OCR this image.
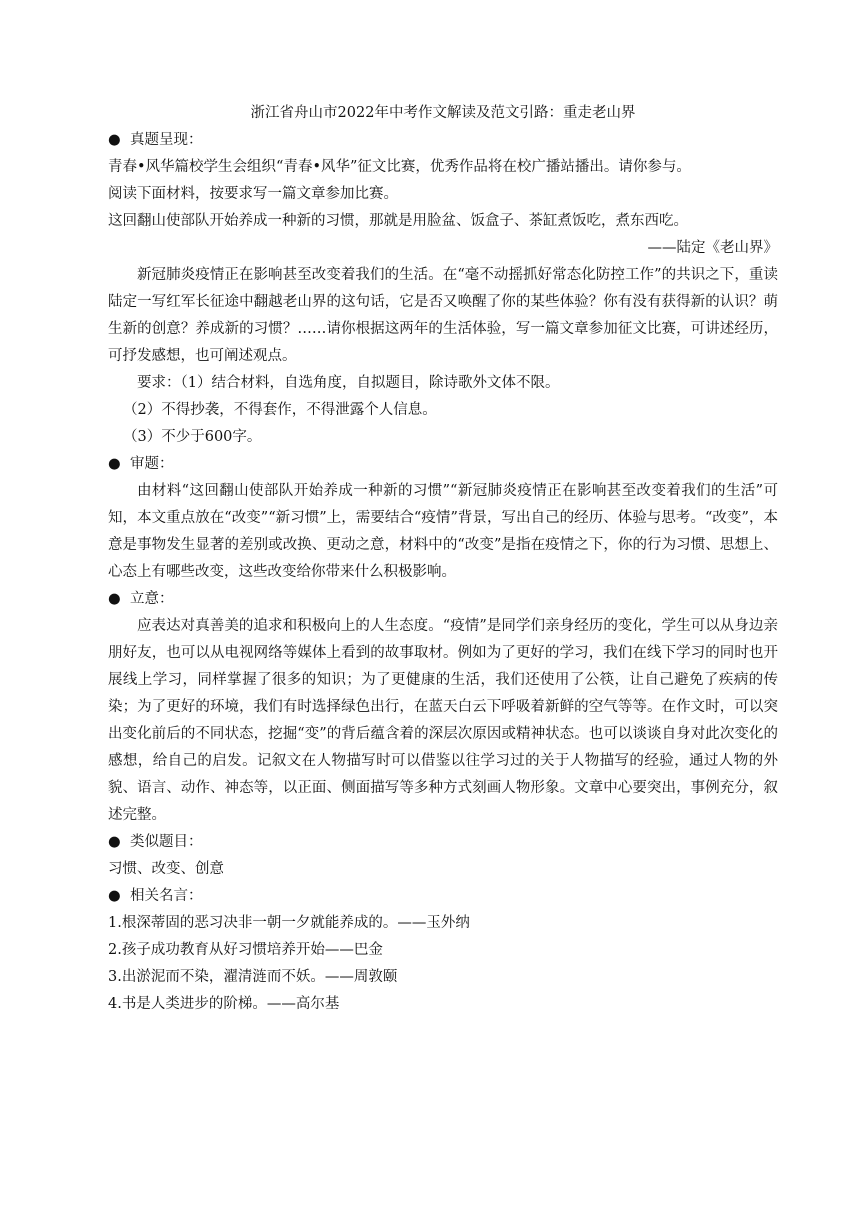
浙江省舟山市2022年中考作文解读及范文引路：重走老山界

● 真题呈现：

青春•风华篇校学生会组织“青春•风华”征文比赛，优秀作品将在校广播站播出。请你参与。

阅读下面材料，按要求写一篇文章参加比赛。

这回翻山使部队开始养成一种新的习惯，那就是用脸盆、饭盒子、茶缸煮饭吃，煮东西吃。

——陆定《老山界》

新冠肺炎疫情正在影响甚至改变着我们的生活。在“毫不动摇抓好常态化防控工作”的共识之下，重读陆定一写红军长征途中翻越老山界的这句话，它是否又唤醒了你的某些体验？你有没有获得新的认识？萌生新的创意？养成新的习惯？……请你根据这两年的生活体验，写一篇文章参加征文比赛，可讲述经历，可抒发感想，也可阐述观点。

要求：（1）结合材料，自选角度，自拟题目，除诗歌外文体不限。

（2）不得抄袭，不得套作，不得泄露个人信息。

（3）不少于600字。

● 审题：

由材料“这回翻山使部队开始养成一种新的习惯”“新冠肺炎疫情正在影响甚至改变着我们的生活”可知，本文重点放在“改变”“新习惯”上，需要结合“疫情”背景，写出自己的经历、体验与思考。“改变”，本意是事物发生显著的差别或改换、更动之意，材料中的“改变”是指在疫情之下，你的行为习惯、思想上、心态上有哪些改变，这些改变给你带来什么积极影响。

● 立意：

应表达对真善美的追求和积极向上的人生态度。“疫情”是同学们亲身经历的变化，学生可以从身边亲朋好友，也可以从电视网络等媒体上看到的故事取材。例如为了更好的学习，我们在线下学习的同时也开展线上学习，同样掌握了很多的知识；为了更健康的生活，我们还使用了公筷，让自己避免了疾病的传染；为了更好的环境，我们有时选择绿色出行，在蓝天白云下呼吸着新鲜的空气等等。在作文时，可以突出变化前后的不同状态，挖掘“变”的背后蕴含着的深层次原因或精神状态。也可以谈谈自身对此次变化的感想，给自己的启发。记叙文在人物描写时可以借鉴以往学习过的关于人物描写的经验，通过人物的外貌、语言、动作、神态等，以正面、侧面描写等多种方式刻画人物形象。文章中心要突出，事例充分，叙述完整。

● 类似题目：

习惯、改变、创意

● 相关名言：

1.根深蒂固的恶习决非一朝一夕就能养成的。——玉外纳

2.孩子成功教育从好习惯培养开始——巴金

3.出淤泥而不染，濯清涟而不妖。——周敦颐

4.书是人类进步的阶梯。——高尔基
